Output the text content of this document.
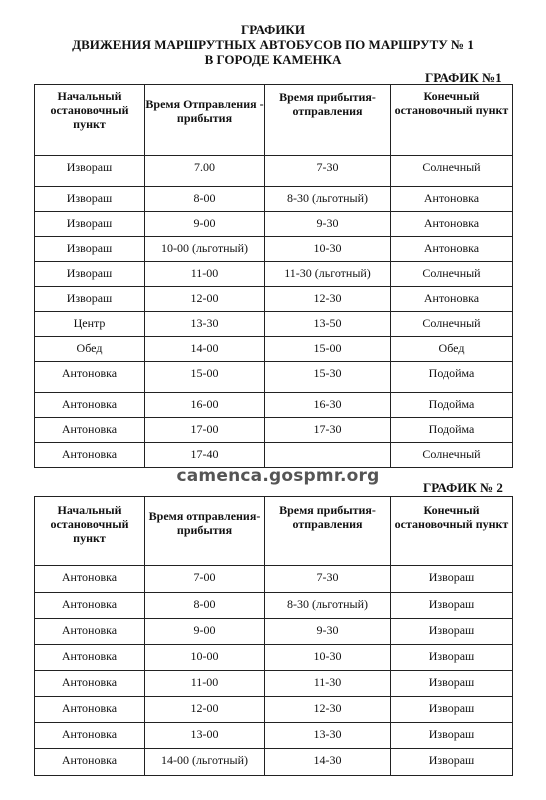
ГРАФИКИ
ДВИЖЕНИЯ МАРШРУТНЫХ АВТОБУСОВ ПО МАРШРУТУ № 1
В ГОРОДЕ КАМЕНКА
ГРАФИК №1
Начальный остановочный пункт	Время Отправления - прибытия	Время прибытия-отправления	Конечный остановочный пункт
Извораш	7.00	7-30	Солнечный
Извораш	8-00	8-30 (льготный)	Антоновка
Извораш	9-00	9-30	Антоновка
Извораш	10-00 (льготный)	10-30	Антоновка
Извораш	11-00	11-30 (льготный)	Солнечный
Извораш	12-00	12-30	Антоновка
Центр	13-30	13-50	Солнечный
Обед	14-00	15-00	Обед
Антоновка	15-00	15-30	Подойма
Антоновка	16-00	16-30	Подойма
Антоновка	17-00	17-30	Подойма
Антоновка	17-40		Солнечный
camenca.gospmr.org
ГРАФИК № 2
Начальный остановочный пункт	Время отправления-прибытия	Время прибытия-отправления	Конечный остановочный пункт
Антоновка	7-00	7-30	Извораш
Антоновка	8-00	8-30 (льготный)	Извораш
Антоновка	9-00	9-30	Извораш
Антоновка	10-00	10-30	Извораш
Антоновка	11-00	11-30	Извораш
Антоновка	12-00	12-30	Извораш
Антоновка	13-00	13-30	Извораш
Антоновка	14-00 (льготный)	14-30	Извораш
